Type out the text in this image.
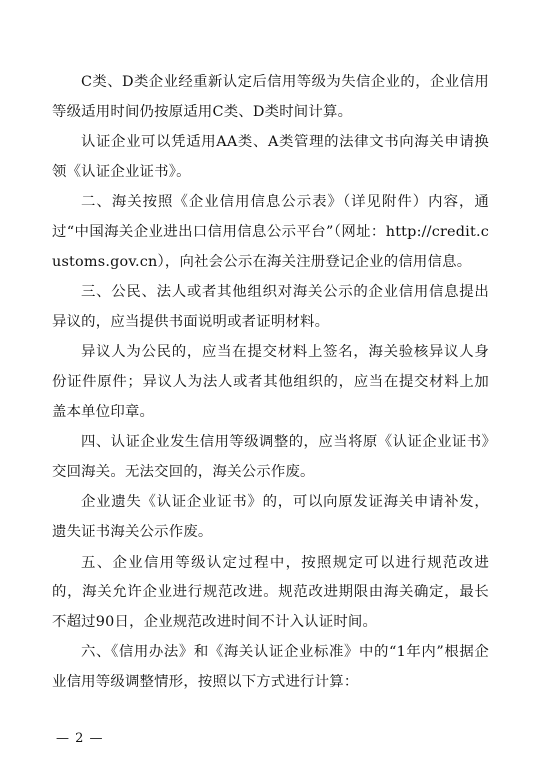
C类、D类企业经重新认定后信用等级为失信企业的，企业信用等级适用时间仍按原适用C类、D类时间计算。

认证企业可以凭适用AA类、A类管理的法律文书向海关申请换领《认证企业证书》。

二、海关按照《企业信用信息公示表》（详见附件）内容，通过“中国海关企业进出口信用信息公示平台”（网址：http://credit.customs.gov.cn），向社会公示在海关注册登记企业的信用信息。

三、公民、法人或者其他组织对海关公示的企业信用信息提出异议的，应当提供书面说明或者证明材料。

异议人为公民的，应当在提交材料上签名，海关验核异议人身份证件原件；异议人为法人或者其他组织的，应当在提交材料上加盖本单位印章。

四、认证企业发生信用等级调整的，应当将原《认证企业证书》交回海关。无法交回的，海关公示作废。

企业遗失《认证企业证书》的，可以向原发证海关申请补发，遗失证书海关公示作废。

五、企业信用等级认定过程中，按照规定可以进行规范改进的，海关允许企业进行规范改进。规范改进期限由海关确定，最长不超过90日，企业规范改进时间不计入认证时间。

六、《信用办法》和《海关认证企业标准》中的“1年内”根据企业信用等级调整情形，按照以下方式进行计算：

— 2 —
